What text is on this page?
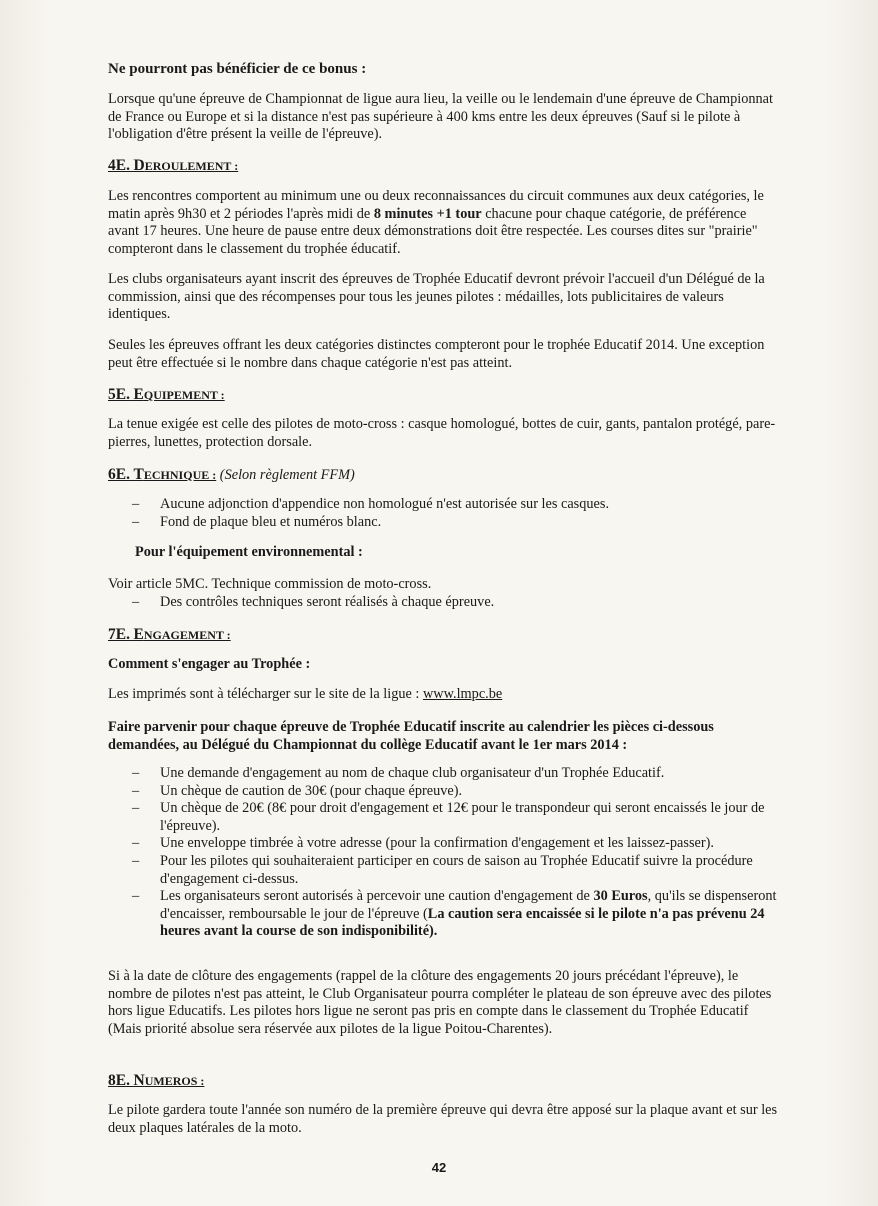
Ne pourront pas bénéficier de ce bonus :

Lorsque qu'une épreuve de Championnat de ligue aura lieu, la veille ou le lendemain d'une épreuve de Championnat de France ou Europe et si la distance n'est pas supérieure à 400 kms entre les deux épreuves (Sauf si le pilote à l'obligation d'être présent la veille de l'épreuve).

4E. DEROULEMENT :

Les rencontres comportent au minimum une ou deux reconnaissances du circuit communes aux deux catégories, le matin après 9h30 et 2 périodes l'après midi de 8 minutes +1 tour chacune pour chaque catégorie, de préférence avant 17 heures. Une heure de pause entre deux démonstrations doit être respectée. Les courses dites sur "prairie" compteront dans le classement du trophée éducatif.

Les clubs organisateurs ayant inscrit des épreuves de Trophée Educatif devront prévoir l'accueil d'un Délégué de la commission, ainsi que des récompenses pour tous les jeunes pilotes : médailles, lots publicitaires de valeurs identiques.

Seules les épreuves offrant les deux catégories distinctes compteront pour le trophée Educatif 2014. Une exception peut être effectuée si le nombre dans chaque catégorie n'est pas atteint.

5E. EQUIPEMENT :

La tenue exigée est celle des pilotes de moto-cross : casque homologué, bottes de cuir, gants, pantalon protégé, pare-pierres, lunettes, protection dorsale.

6E. TECHNIQUE : (Selon règlement FFM)

– Aucune adjonction d'appendice non homologué n'est autorisée sur les casques.
– Fond de plaque bleu et numéros blanc.

Pour l'équipement environnemental :

Voir article 5MC. Technique commission de moto-cross.

– Des contrôles techniques seront réalisés à chaque épreuve.

7E. ENGAGEMENT :

Comment s'engager au Trophée :

Les imprimés sont à télécharger sur le site de la ligue : www.lmpc.be

Faire parvenir pour chaque épreuve de Trophée Educatif inscrite au calendrier les pièces ci-dessous demandées, au Délégué du Championnat du collège Educatif avant le 1er mars 2014 :

– Une demande d'engagement au nom de chaque club organisateur d'un Trophée Educatif.
– Un chèque de caution de 30€ (pour chaque épreuve).
– Un chèque de 20€ (8€ pour droit d'engagement et 12€ pour le transpondeur qui seront encaissés le jour de l'épreuve).
– Une enveloppe timbrée à votre adresse (pour la confirmation d'engagement et les laissez-passer).
– Pour les pilotes qui souhaiteraient participer en cours de saison au Trophée Educatif suivre la procédure d'engagement ci-dessus.
– Les organisateurs seront autorisés à percevoir une caution d'engagement de 30 Euros, qu'ils se dispenseront d'encaisser, remboursable le jour de l'épreuve (La caution sera encaissée si le pilote n'a pas prévenu 24 heures avant la course de son indisponibilité).

Si à la date de clôture des engagements (rappel de la clôture des engagements 20 jours précédant l'épreuve), le nombre de pilotes n'est pas atteint, le Club Organisateur pourra compléter le plateau de son épreuve avec des pilotes hors ligue Educatifs. Les pilotes hors ligue ne seront pas pris en compte dans le classement du Trophée Educatif (Mais priorité absolue sera réservée aux pilotes de la ligue Poitou-Charentes).

8E. NUMEROS :

Le pilote gardera toute l'année son numéro de la première épreuve qui devra être apposé sur la plaque avant et sur les deux plaques latérales de la moto.

42
